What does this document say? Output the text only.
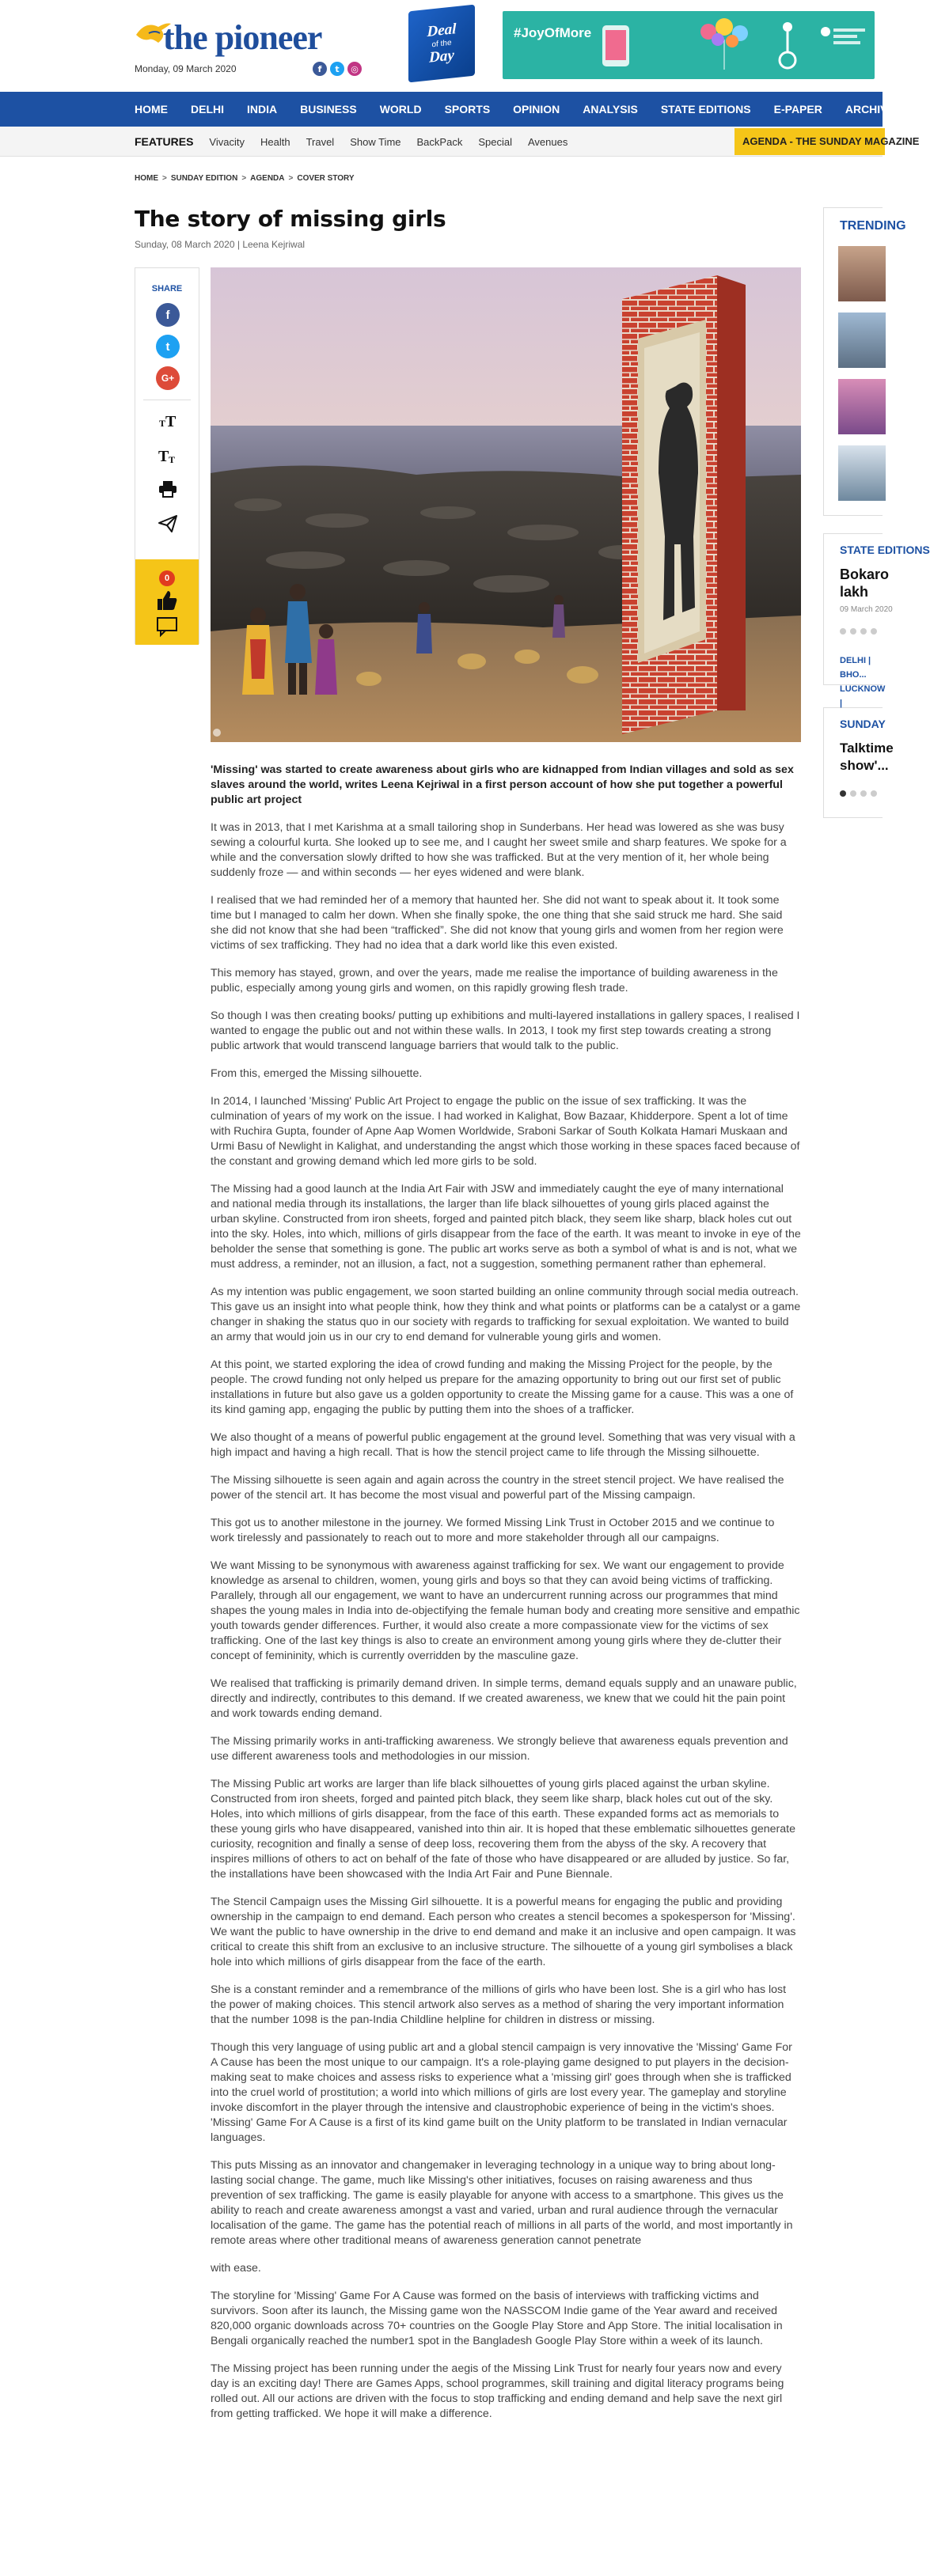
the pioneer
Monday, 09 March 2020	f	t	◎
Deal
of the
Day
#JoyOfMore
HOME DELHI INDIA BUSINESS WORLD SPORTS OPINION ANALYSIS STATE EDITIONS E-PAPER ARCHIVES
FEATURES Vivacity Health Travel Show Time BackPack Special Avenues	AGENDA - THE SUNDAY MAGAZINE
HOME > SUNDAY EDITION > AGENDA > COVER STORY
The story of missing girls
Sunday, 08 March 2020 | Leena Kejriwal
SHARE
f
t
G+
T T
T T
0

'Missing' was started to create awareness about girls who are kidnapped from Indian villages and sold as sex slaves around the world, writes Leena Kejriwal in a first person account of how she put together a powerful public art project

It was in 2013, that I met Karishma at a small tailoring shop in Sunderbans. Her head was lowered as she was busy sewing a colourful kurta. She looked up to see me, and I caught her sweet smile and sharp features. We spoke for a while and the conversation slowly drifted to how she was trafficked. But at the very mention of it, her whole being suddenly froze — and within seconds — her eyes widened and were blank.

I realised that we had reminded her of a memory that haunted her. She did not want to speak about it. It took some time but I managed to calm her down. When she finally spoke, the one thing that she said struck me hard. She said she did not know that she had been “trafficked”. She did not know that young girls and women from her region were victims of sex trafficking. They had no idea that a dark world like this even existed.

This memory has stayed, grown, and over the years, made me realise the importance of building awareness in the public, especially among young girls and women, on this rapidly growing flesh trade.

So though I was then creating books/ putting up exhibitions and multi-layered installations in gallery spaces, I realised I wanted to engage the public out and not within these walls. In 2013, I took my first step towards creating a strong public artwork that would transcend language barriers that would talk to the public.

From this, emerged the Missing silhouette.

In 2014, I launched 'Missing' Public Art Project to engage the public on the issue of sex trafficking. It was the culmination of years of my work on the issue. I had worked in Kalighat, Bow Bazaar, Khidderpore. Spent a lot of time with Ruchira Gupta, founder of Apne Aap Women Worldwide, Sraboni Sarkar of South Kolkata Hamari Muskaan and Urmi Basu of Newlight in Kalighat, and understanding the angst which those working in these spaces faced because of the constant and growing demand which led more girls to be sold.

The Missing had a good launch at the India Art Fair with JSW and immediately caught the eye of many international and national media through its installations, the larger than life black silhouettes of young girls placed against the urban skyline. Constructed from iron sheets, forged and painted pitch black, they seem like sharp, black holes cut out into the sky. Holes, into which, millions of girls disappear from the face of the earth. It was meant to invoke in eye of the beholder the sense that something is gone. The public art works serve as both a symbol of what is and is not, what we must address, a reminder, not an illusion, a fact, not a suggestion, something permanent rather than ephemeral.

As my intention was public engagement, we soon started building an online community through social media outreach. This gave us an insight into what people think, how they think and what points or platforms can be a catalyst or a game changer in shaking the status quo in our society with regards to trafficking for sexual exploitation. We wanted to build an army that would join us in our cry to end demand for vulnerable young girls and women.

At this point, we started exploring the idea of crowd funding and making the Missing Project for the people, by the people. The crowd funding not only helped us prepare for the amazing opportunity to bring out our first set of public installations in future but also gave us a golden opportunity to create the Missing game for a cause. This was a one of its kind gaming app, engaging the public by putting them into the shoes of a trafficker.

We also thought of a means of powerful public engagement at the ground level. Something that was very visual with a high impact and having a high recall. That is how the stencil project came to life through the Missing silhouette.

The Missing silhouette is seen again and again across the country in the street stencil project. We have realised the power of the stencil art. It has become the most visual and powerful part of the Missing campaign.

This got us to another milestone in the journey. We formed Missing Link Trust in October 2015 and we continue to work tirelessly and passionately to reach out to more and more stakeholder through all our campaigns.

We want Missing to be synonymous with awareness against trafficking for sex. We want our engagement to provide knowledge as arsenal to children, women, young girls and boys so that they can avoid being victims of trafficking. Parallely, through all our engagement, we want to have an undercurrent running across our programmes that mind shapes the young males in India into de-objectifying the female human body and creating more sensitive and empathic youth towards gender differences. Further, it would also create a more compassionate view for the victims of sex trafficking. One of the last key things is also to create an environment among young girls where they de-clutter their concept of femininity, which is currently overridden by the masculine gaze.

We realised that trafficking is primarily demand driven. In simple terms, demand equals supply and an unaware public, directly and indirectly, contributes to this demand. If we created awareness, we knew that we could hit the pain point and work towards ending demand.

The Missing primarily works in anti-trafficking awareness. We strongly believe that awareness equals prevention and use different awareness tools and methodologies in our mission.

The Missing Public art works are larger than life black silhouettes of young girls placed against the urban skyline. Constructed from iron sheets, forged and painted pitch black, they seem like sharp, black holes cut out of the sky. Holes, into which millions of girls disappear, from the face of this earth. These expanded forms act as memorials to these young girls who have disappeared, vanished into thin air. It is hoped that these emblematic silhouettes generate curiosity, recognition and finally a sense of deep loss, recovering them from the abyss of the sky. A recovery that inspires millions of others to act on behalf of the fate of those who have disappeared or are alluded by justice. So far, the installations have been showcased with the India Art Fair and Pune Biennale.

The Stencil Campaign uses the Missing Girl silhouette. It is a powerful means for engaging the public and providing ownership in the campaign to end demand. Each person who creates a stencil becomes a spokesperson for 'Missing'. We want the public to have ownership in the drive to end demand and make it an inclusive and open campaign. It was critical to create this shift from an exclusive to an inclusive structure. The silhouette of a young girl symbolises a black hole into which millions of girls disappear from the face of the earth.

She is a constant reminder and a remembrance of the millions of girls who have been lost. She is a girl who has lost the power of making choices. This stencil artwork also serves as a method of sharing the very important information that the number 1098 is the pan-India Childline helpline for children in distress or missing.

Though this very language of using public art and a global stencil campaign is very innovative the 'Missing' Game For A Cause has been the most unique to our campaign. It's a role-playing game designed to put players in the decision-making seat to make choices and assess risks to experience what a 'missing girl' goes through when she is trafficked into the cruel world of prostitution; a world into which millions of girls are lost every year. The gameplay and storyline invoke discomfort in the player through the intensive and claustrophobic experience of being in the victim's shoes. 'Missing' Game For A Cause is a first of its kind game built on the Unity platform to be translated in Indian vernacular languages.

This puts Missing as an innovator and changemaker in leveraging technology in a unique way to bring about long-lasting social change. The game, much like Missing's other initiatives, focuses on raising awareness and thus prevention of sex trafficking. The game is easily playable for anyone with access to a smartphone. This gives us the ability to reach and create awareness amongst a vast and varied, urban and rural audience through the vernacular localisation of the game. The game has the potential reach of millions in all parts of the world, and most importantly in remote areas where other traditional means of awareness generation cannot penetrate

with ease.

The storyline for 'Missing' Game For A Cause was formed on the basis of interviews with trafficking victims and survivors. Soon after its launch, the Missing game won the NASSCOM Indie game of the Year award and received 820,000 organic downloads across 70+ countries on the Google Play Store and App Store. The initial localisation in Bengali organically reached the number1 spot in the Bangladesh Google Play Store within a week of its launch.

The Missing project has been running under the aegis of the Missing Link Trust for nearly four years now and every day is an exciting day! There are Games Apps, school programmes, skill training and digital literacy programs being rolled out. All our actions are driven with the focus to stop trafficking and ending demand and help save the next girl from getting trafficked. We hope it will make a difference.

TRENDING
STATE EDITIONS
Bokaro lakh
09 March 2020
DELHI | BHO... LUCKNOW |
SUNDAY
Talktime show'...
